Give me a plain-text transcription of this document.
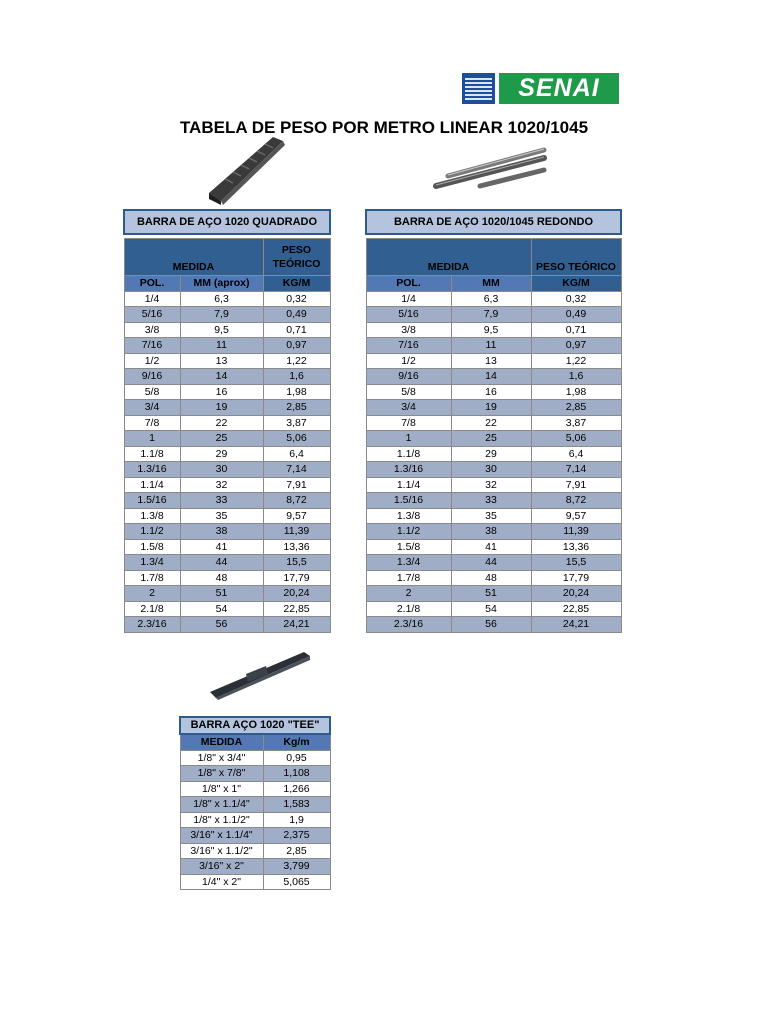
SENAI
TABELA DE PESO POR METRO LINEAR 1020/1045
BARRA DE AÇO 1020 QUADRADO		

MEDIDA		PESO TEÓRICO
POL.	MM (aprox)	KG/M
1/4	6,3	0,32
5/16	7,9	0,49
3/8	9,5	0,71
7/16	11	0,97
1/2	13	1,22
9/16	14	1,6
5/8	16	1,98
3/4	19	2,85
7/8	22	3,87
1	25	5,06
1.1/8	29	6,4
1.3/16	30	7,14
1.1/4	32	7,91
1.5/16	33	8,72
1.3/8	35	9,57
1.1/2	38	11,39
1.5/8	41	13,36
1.3/4	44	15,5
1.7/8	48	17,79
2	51	20,24
2.1/8	54	22,85
2.3/16	56	24,21
BARRA DE AÇO 1020/1045 REDONDO		

MEDIDA		PESO TEÓRICO
POL.	MM	KG/M
1/4	6,3	0,32
5/16	7,9	0,49
3/8	9,5	0,71
7/16	11	0,97
1/2	13	1,22
9/16	14	1,6
5/8	16	1,98
3/4	19	2,85
7/8	22	3,87
1	25	5,06
1.1/8	29	6,4
1.3/16	30	7,14
1.1/4	32	7,91
1.5/16	33	8,72
1.3/8	35	9,57
1.1/2	38	11,39
1.5/8	41	13,36
1.3/4	44	15,5
1.7/8	48	17,79
2	51	20,24
2.1/8	54	22,85
2.3/16	56	24,21
BARRA AÇO 1020 "TEE"	
MEDIDA	Kg/m
1/8" x 3/4"	0,95
1/8" x 7/8"	1,108
1/8" x 1"	1,266
1/8" x 1.1/4"	1,583
1/8" x 1.1/2"	1,9
3/16" x 1.1/4"	2,375
3/16" x 1.1/2"	2,85
3/16" x 2"	3,799
1/4" x 2"	5,065
